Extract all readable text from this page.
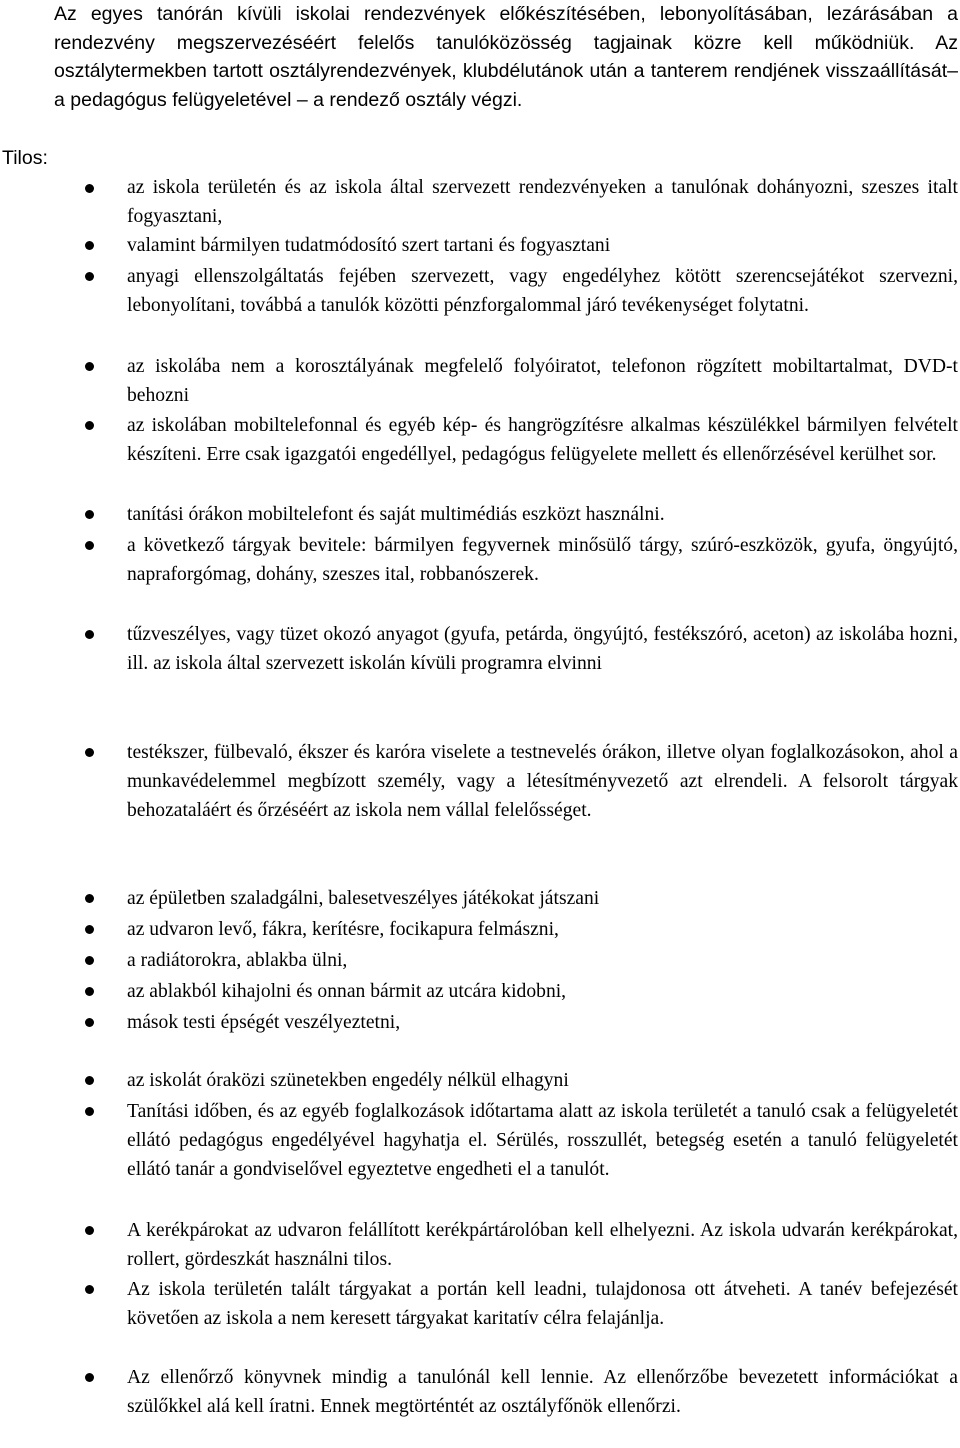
Az egyes tanórán kívüli iskolai rendezvények előkészítésében, lebonyolításában, lezárásában a rendezvény megszervezéséért felelős tanulóközösség tagjainak közre kell működniük. Az osztálytermekben tartott osztályrendezvények, klubdélutánok után a tanterem rendjének visszaállítását– a pedagógus felügyeletével – a rendező osztály végzi.

Tilos:

az iskola területén és az iskola által szervezett rendezvényeken a tanulónak dohányozni, szeszes italt fogyasztani,

valamint bármilyen tudatmódosító szert tartani és fogyasztani

anyagi ellenszolgáltatás fejében szervezett, vagy engedélyhez kötött szerencsejátékot szervezni, lebonyolítani, továbbá a tanulók közötti pénzforgalommal járó tevékenységet folytatni.

az iskolába nem a korosztályának megfelelő folyóiratot, telefonon rögzített mobiltartalmat, DVD-t behozni

az iskolában mobiltelefonnal és egyéb kép- és hangrögzítésre alkalmas készülékkel bármilyen felvételt készíteni. Erre csak igazgatói engedéllyel, pedagógus felügyelete mellett és ellenőrzésével kerülhet sor.

tanítási órákon mobiltelefont és saját multimédiás eszközt használni.

a következő tárgyak bevitele: bármilyen fegyvernek minősülő tárgy, szúró-eszközök, gyufa, öngyújtó, napraforgómag, dohány, szeszes ital, robbanószerek.

tűzveszélyes, vagy tüzet okozó anyagot (gyufa, petárda, öngyújtó, festékszóró, aceton) az iskolába hozni, ill. az iskola által szervezett iskolán kívüli programra elvinni

testékszer, fülbevaló, ékszer és karóra viselete a testnevelés órákon, illetve olyan foglalkozásokon, ahol a munkavédelemmel megbízott személy, vagy a létesítményvezető azt elrendeli. A felsorolt tárgyak behozataláért és őrzéséért az iskola nem vállal felelősséget.

az épületben szaladgálni, balesetveszélyes játékokat játszani

az udvaron levő, fákra, kerítésre, focikapura felmászni,

a radiátorokra, ablakba ülni,

az ablakból kihajolni és onnan bármit az utcára kidobni,

mások testi épségét veszélyeztetni,

az iskolát óraközi szünetekben engedély nélkül elhagyni

Tanítási időben, és az egyéb foglalkozások időtartama alatt az iskola területét a tanuló csak a felügyeletét ellátó pedagógus engedélyével hagyhatja el. Sérülés, rosszullét, betegség esetén a tanuló felügyeletét ellátó tanár a gondviselővel egyeztetve engedheti el a tanulót.

A kerékpárokat az udvaron felállított kerékpártárolóban kell elhelyezni. Az iskola udvarán kerékpárokat, rollert, gördeszkát használni tilos.

Az iskola területén talált tárgyakat a portán kell leadni, tulajdonosa ott átveheti. A tanév befejezését követően az iskola a nem keresett tárgyakat karitatív célra felajánlja.

Az ellenőrző könyvnek mindig a tanulónál kell lennie. Az ellenőrzőbe bevezetett információkat a szülőkkel alá kell íratni. Ennek megtörténtét az osztályfőnök ellenőrzi.
